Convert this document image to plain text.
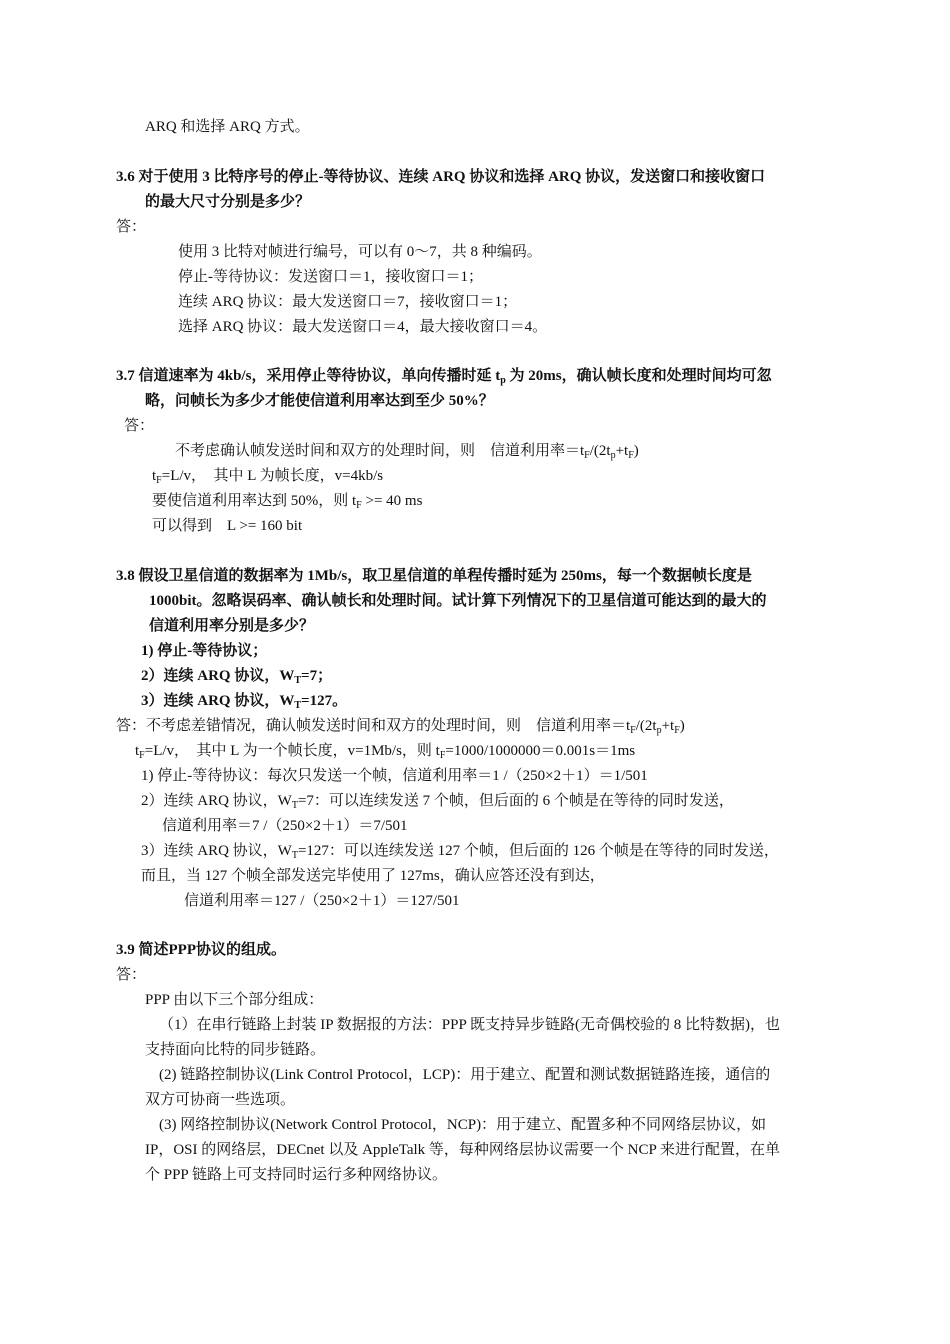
ARQ 和选择 ARQ 方式。
3.6 对于使用 3 比特序号的停止-等待协议、连续 ARQ 协议和选择 ARQ 协议，发送窗口和接收窗口
的最大尺寸分别是多少？
答：
使用 3 比特对帧进行编号，可以有 0～7，共 8 种编码。
停止-等待协议：发送窗口＝1，接收窗口＝1；
连续 ARQ 协议：最大发送窗口＝7，接收窗口＝1；
选择 ARQ 协议：最大发送窗口＝4，最大接收窗口＝4。
3.7 信道速率为 4kb/s，采用停止等待协议，单向传播时延 $t_p$ 为 20ms，确认帧长度和处理时间均可忽
略，问帧长为多少才能使信道利用率达到至少 50%？
答：
不考虑确认帧发送时间和双方的处理时间，则　信道利用率$=t_F/(2t_p+t_F)$
$t_F=L/v$，　其中 L 为帧长度，v=4kb/s
要使信道利用率达到 50%，则 $t_F >= 40$ ms
可以得到　L >= 160 bit
3.8 假设卫星信道的数据率为 1Mb/s，取卫星信道的单程传播时延为 250ms，每一个数据帧长度是
1000bit。忽略误码率、确认帧长和处理时间。试计算下列情况下的卫星信道可能达到的最大的
信道利用率分别是多少？
1) 停止-等待协议；
2）连续 ARQ 协议，$W_T=7$；
3）连续 ARQ 协议，$W_T=127$。
答：不考虑差错情况，确认帧发送时间和双方的处理时间，则　信道利用率$=t_F/(2t_p+t_F)$
$t_F=L/v$，　其中 L 为一个帧长度，v=1Mb/s，则 $t_F=1000/1000000=0.001s=1ms$
1) 停止-等待协议：每次只发送一个帧，信道利用率＝1 /（250×2＋1）＝1/501
2）连续 ARQ 协议，$W_T=7$：可以连续发送 7 个帧，但后面的 6 个帧是在等待的同时发送，
信道利用率＝7 /（250×2＋1）＝7/501
3）连续 ARQ 协议，$W_T=127$：可以连续发送 127 个帧，但后面的 126 个帧是在等待的同时发送，
而且，当 127 个帧全部发送完毕使用了 127ms，确认应答还没有到达，
信道利用率＝127 /（250×2＋1）＝127/501
3.9 简述PPP协议的组成。
答：
PPP 由以下三个部分组成：
（1）在串行链路上封装 IP 数据报的方法：PPP 既支持异步链路(无奇偶校验的 8 比特数据)，也
支持面向比特的同步链路。
(2) 链路控制协议(Link Control Protocol，LCP)：用于建立、配置和测试数据链路连接，通信的
双方可协商一些选项。
(3) 网络控制协议(Network Control Protocol，NCP)：用于建立、配置多种不同网络层协议，如
IP，OSI 的网络层，DECnet 以及 AppleTalk 等，每种网络层协议需要一个 NCP 来进行配置，在单
个 PPP 链路上可支持同时运行多种网络协议。
